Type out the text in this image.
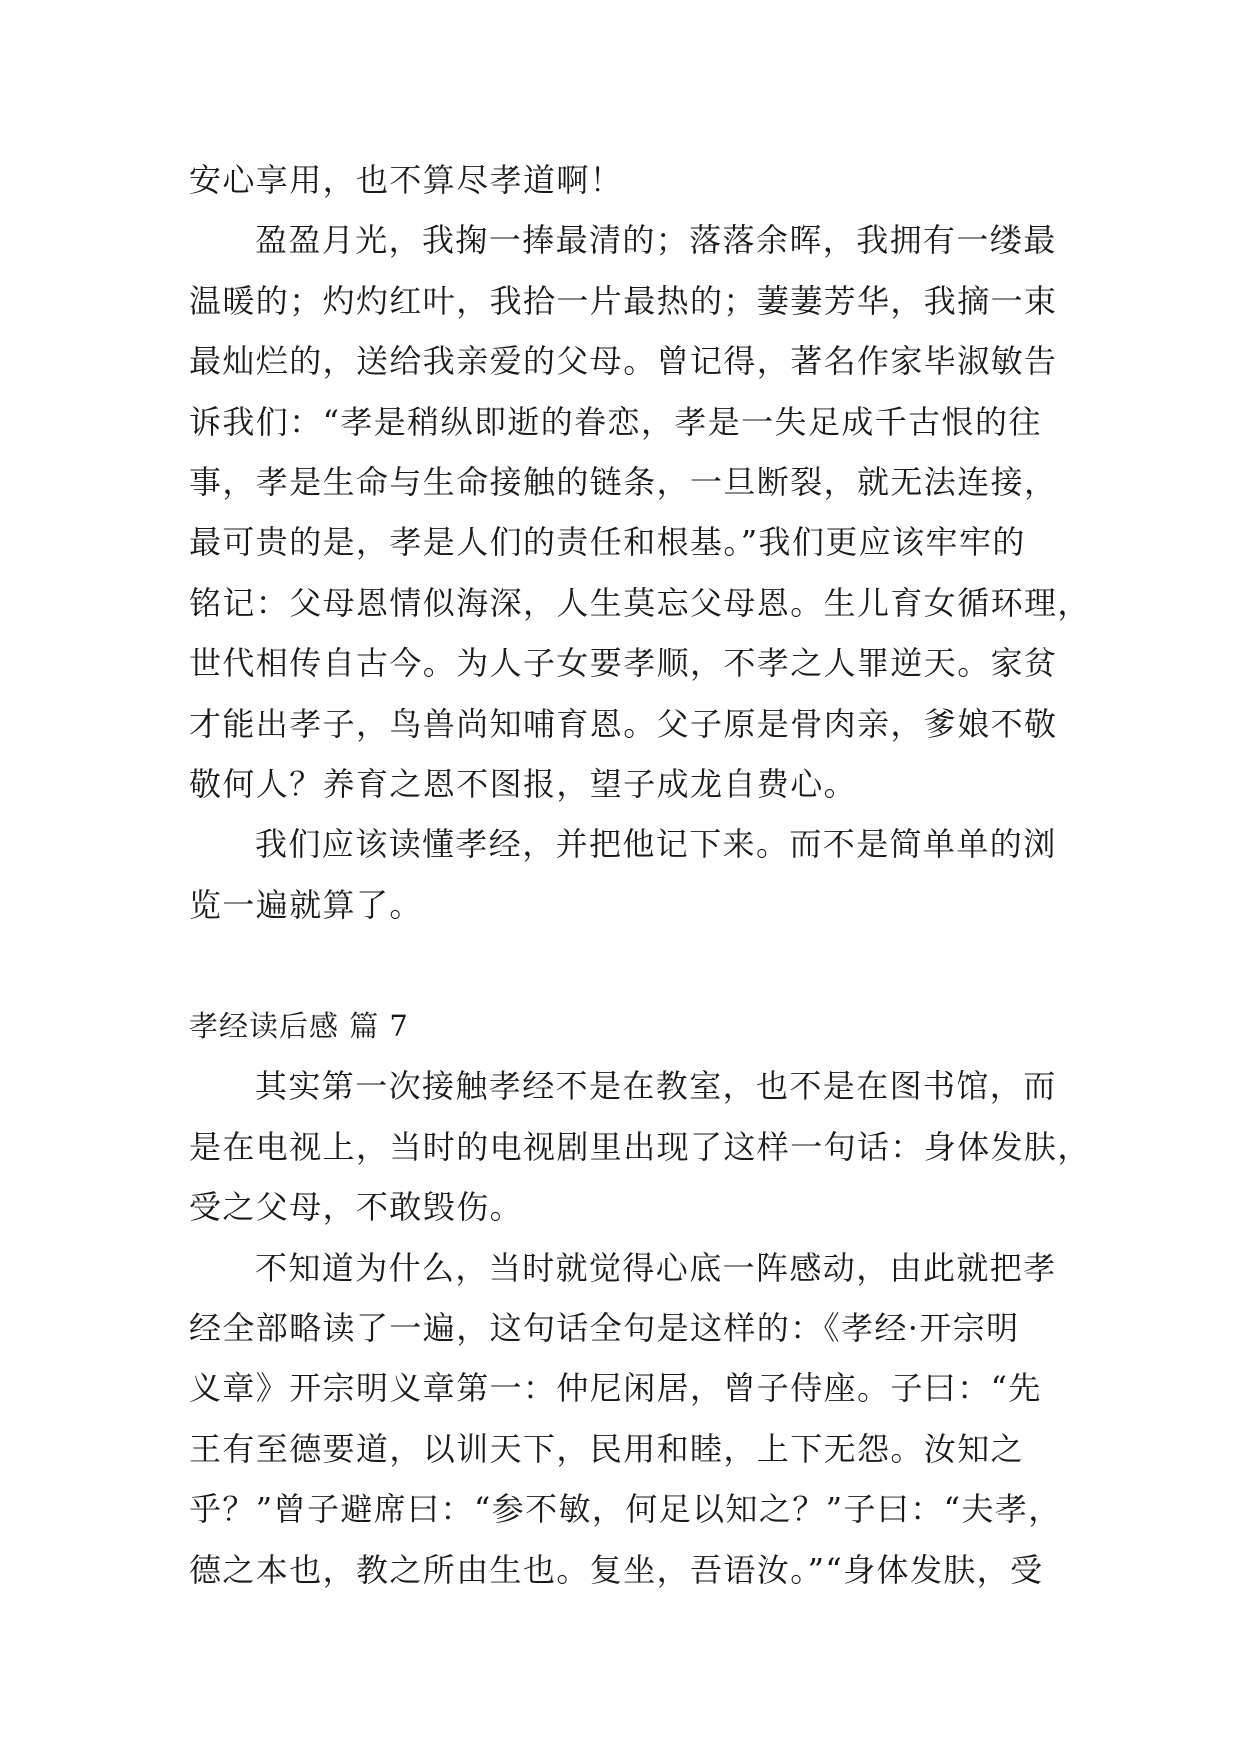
安心享用，也不算尽孝道啊！
盈盈月光，我掬一捧最清的；落落余晖，我拥有一缕最
温暖的；灼灼红叶，我拾一片最热的；萋萋芳华，我摘一束
最灿烂的，送给我亲爱的父母。曾记得，著名作家毕淑敏告
诉我们：“孝是稍纵即逝的眷恋，孝是一失足成千古恨的往
事，孝是生命与生命接触的链条，一旦断裂，就无法连接，
最可贵的是，孝是人们的责任和根基。”我们更应该牢牢的
铭记：父母恩情似海深，人生莫忘父母恩。生儿育女循环理，
世代相传自古今。为人子女要孝顺，不孝之人罪逆天。家贫
才能出孝子，鸟兽尚知哺育恩。父子原是骨肉亲，爹娘不敬
敬何人？养育之恩不图报，望子成龙自费心。
我们应该读懂孝经，并把他记下来。而不是简单单的浏
览一遍就算了。
孝经读后感 篇 7
其实第一次接触孝经不是在教室，也不是在图书馆，而
是在电视上，当时的电视剧里出现了这样一句话：身体发肤，
受之父母，不敢毁伤。
不知道为什么，当时就觉得心底一阵感动，由此就把孝
经全部略读了一遍，这句话全句是这样的：《孝经·开宗明
义章》开宗明义章第一：仲尼闲居，曾子侍座。子曰：“先
王有至德要道，以训天下，民用和睦，上下无怨。汝知之
乎？”曾子避席曰：“参不敏，何足以知之？”子曰：“夫孝，
德之本也，教之所由生也。复坐，吾语汝。”“身体发肤，受
